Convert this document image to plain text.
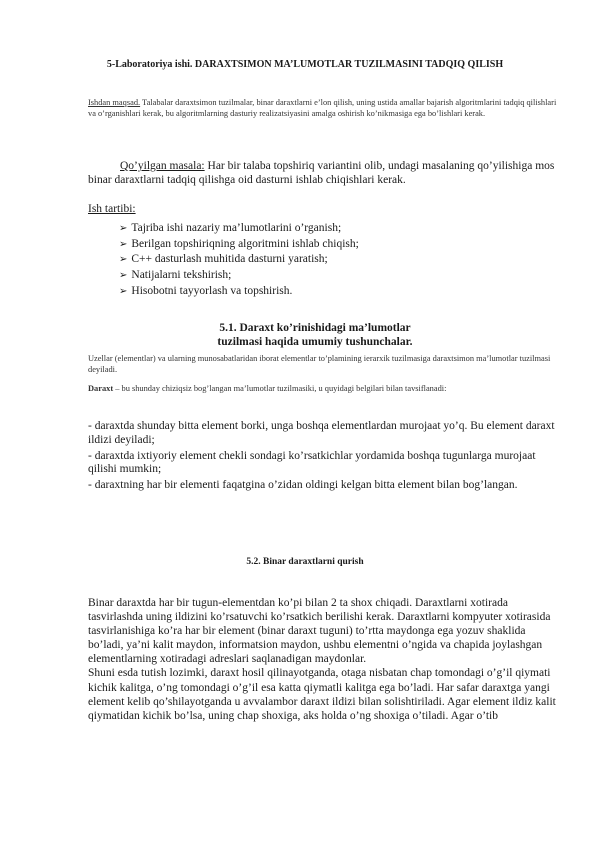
5-Laboratoriya ishi. DARAXTSIMON MA’LUMOTLAR TUZILMASINI TADQIQ QILISH
Ishdan maqsad. Talabalar daraxtsimon tuzilmalar, binar daraxtlarni e’lon qilish, uning ustida amallar bajarish algoritmlarini tadqiq qilishlari va o’rganishlari kerak, bu algoritmlarning dasturiy realizatsiyasini amalga oshirish ko’nikmasiga ega bo’lishlari kerak.
Qo’yilgan masala: Har bir talaba topshiriq variantini olib, undagi masalaning qo’yilishiga mos binar daraxtlarni tadqiq qilishga oid dasturni ishlab chiqishlari kerak.
Ish tartibi:
➢ Tajriba ishi nazariy ma’lumotlarini o’rganish;
➢ Berilgan topshiriqning algoritmini ishlab chiqish;
➢ C++ dasturlash muhitida dasturni yaratish;
➢ Natijalarni tekshirish;
➢ Hisobotni tayyorlash va topshirish.
5.1. Daraxt ko’rinishidagi ma’lumotlar
tuzilmasi haqida umumiy tushunchalar.
Uzellar (elementlar) va ularning munosabatlaridan iborat elementlar to’plamining ierarxik tuzilmasiga daraxtsimon ma’lumotlar tuzilmasi deyiladi.
Daraxt – bu shunday chiziqsiz bog’langan ma’lumotlar tuzilmasiki, u quyidagi belgilari bilan tavsiflanadi:

- daraxtda shunday bitta element borki, unga boshqa elementlardan murojaat yo’q. Bu element daraxt ildizi deyiladi;

- daraxtda ixtiyoriy element chekli sondagi ko’rsatkichlar yordamida boshqa tugunlarga murojaat qilishi mumkin;

- daraxtning har bir elementi faqatgina o’zidan oldingi kelgan bitta element bilan bog’langan.

5.2. Binar daraxtlarni qurish
Binar daraxtda har bir tugun-elementdan ko’pi bilan 2 ta shox chiqadi. Daraxtlarni xotirada tasvirlashda uning ildizini ko’rsatuvchi ko’rsatkich berilishi kerak. Daraxtlarni kompyuter xotirasida tasvirlanishiga ko’ra har bir element (binar daraxt tuguni) to’rtta maydonga ega yozuv shaklida bo’ladi, ya’ni kalit maydon, informatsion maydon, ushbu elementni o’ngida va chapida joylashgan elementlarning xotiradagi adreslari saqlanadigan maydonlar.
Shuni esda tutish lozimki, daraxt hosil qilinayotganda, otaga nisbatan chap tomondagi o’g’il qiymati kichik kalitga, o’ng tomondagi o’g’il esa katta qiymatli kalitga ega bo’ladi. Har safar daraxtga yangi element kelib qo’shilayotganda u avvalambor daraxt ildizi bilan solishtiriladi. Agar element ildiz kalit qiymatidan kichik bo’lsa, uning chap shoxiga, aks holda o’ng shoxiga o’tiladi. Agar o’tib
